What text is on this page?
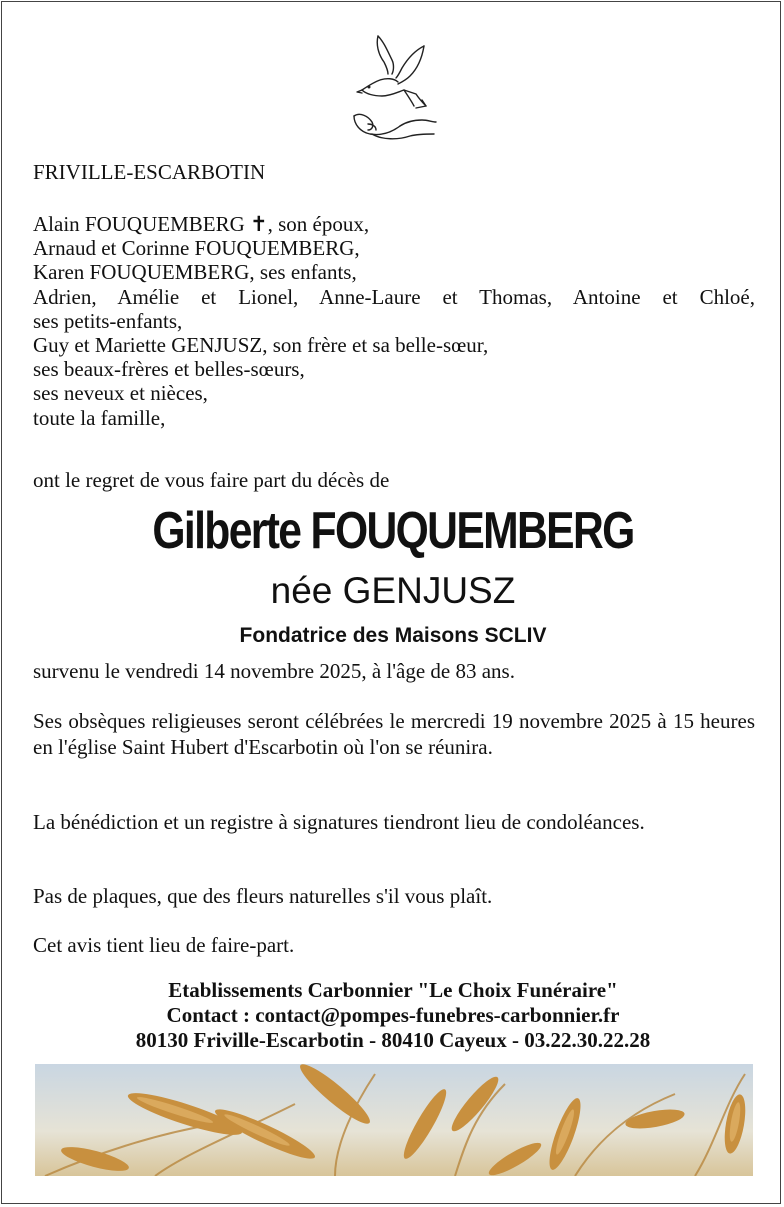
FRIVILLE-ESCARBOTIN
Alain FOUQUEMBERG ✝, son époux,
Arnaud et Corinne FOUQUEMBERG,
Karen FOUQUEMBERG, ses enfants,
Adrien, Amélie et Lionel, Anne-Laure et Thomas, Antoine et Chloé,
ses petits-enfants,
Guy et Mariette GENJUSZ, son frère et sa belle-sœur,
ses beaux-frères et belles-sœurs,
ses neveux et nièces,
toute la famille,
ont le regret de vous faire part du décès de
Gilberte FOUQUEMBERG
née GENJUSZ
Fondatrice des Maisons SCLIV
survenu le vendredi 14 novembre 2025, à l'âge de 83 ans.
Ses obsèques religieuses seront célébrées le mercredi 19 novembre 2025 à 15 heures en l'église Saint Hubert d'Escarbotin où l'on se réunira.
La bénédiction et un registre à signatures tiendront lieu de condoléances.
Pas de plaques, que des fleurs naturelles s'il vous plaît.
Cet avis tient lieu de faire-part.
Etablissements Carbonnier "Le Choix Funéraire"
Contact : contact@pompes-funebres-carbonnier.fr
80130 Friville-Escarbotin - 80410 Cayeux - 03.22.30.22.28
